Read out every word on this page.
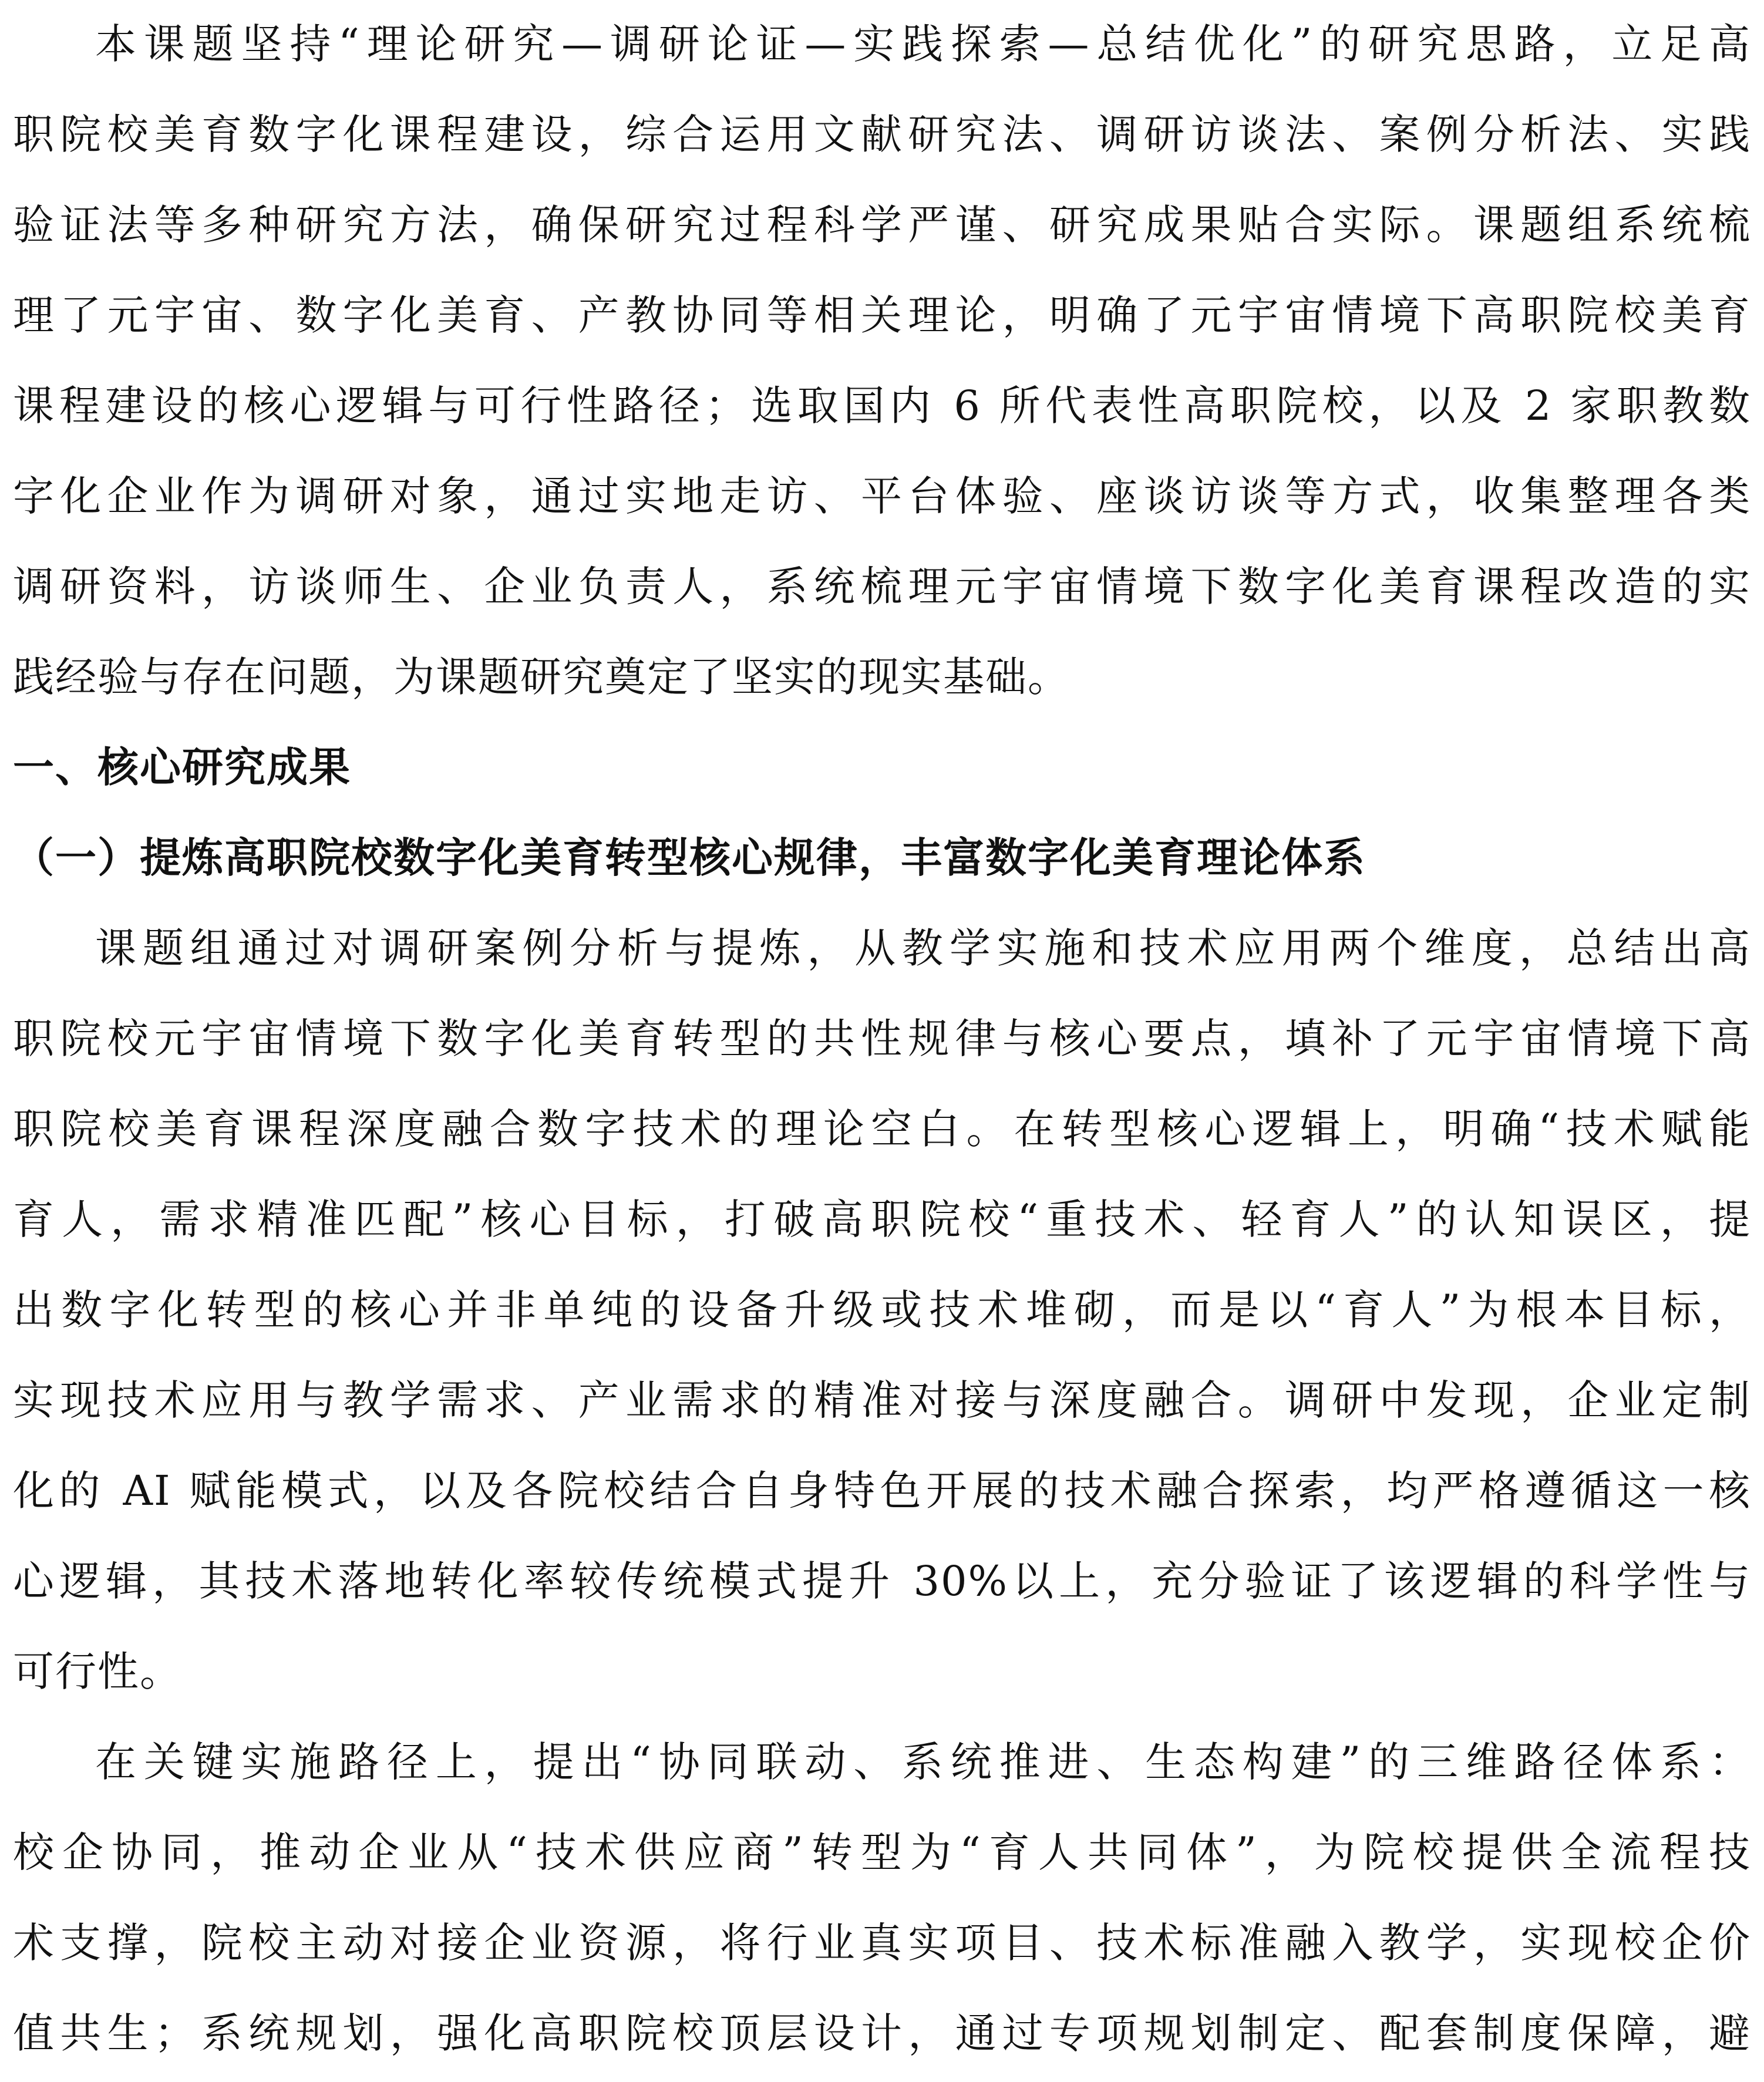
本课题坚持“理论研究—调研论证—实践探索—总结优化”的研究思路，立足高
职院校美育数字化课程建设，综合运用文献研究法、调研访谈法、案例分析法、实践
验证法等多种研究方法，确保研究过程科学严谨、研究成果贴合实际。课题组系统梳
理了元宇宙、数字化美育、产教协同等相关理论，明确了元宇宙情境下高职院校美育
课程建设的核心逻辑与可行性路径；选取国内 6 所代表性高职院校，以及 2 家职教数
字化企业作为调研对象，通过实地走访、平台体验、座谈访谈等方式，收集整理各类
调研资料，访谈师生、企业负责人，系统梳理元宇宙情境下数字化美育课程改造的实
践经验与存在问题，为课题研究奠定了坚实的现实基础。
一、核心研究成果
（一）提炼高职院校数字化美育转型核心规律，丰富数字化美育理论体系
课题组通过对调研案例分析与提炼，从教学实施和技术应用两个维度，总结出高
职院校元宇宙情境下数字化美育转型的共性规律与核心要点，填补了元宇宙情境下高
职院校美育课程深度融合数字技术的理论空白。在转型核心逻辑上，明确“技术赋能
育人，需求精准匹配”核心目标，打破高职院校“重技术、轻育人”的认知误区，提
出数字化转型的核心并非单纯的设备升级或技术堆砌，而是以“育人”为根本目标，
实现技术应用与教学需求、产业需求的精准对接与深度融合。调研中发现，企业定制
化的 AI 赋能模式，以及各院校结合自身特色开展的技术融合探索，均严格遵循这一核
心逻辑，其技术落地转化率较传统模式提升 30%以上，充分验证了该逻辑的科学性与
可行性。
在关键实施路径上，提出“协同联动、系统推进、生态构建”的三维路径体系：
校企协同，推动企业从“技术供应商”转型为“育人共同体”，为院校提供全流程技
术支撑，院校主动对接企业资源，将行业真实项目、技术标准融入教学，实现校企价
值共生；系统规划，强化高职院校顶层设计，通过专项规划制定、配套制度保障，避
